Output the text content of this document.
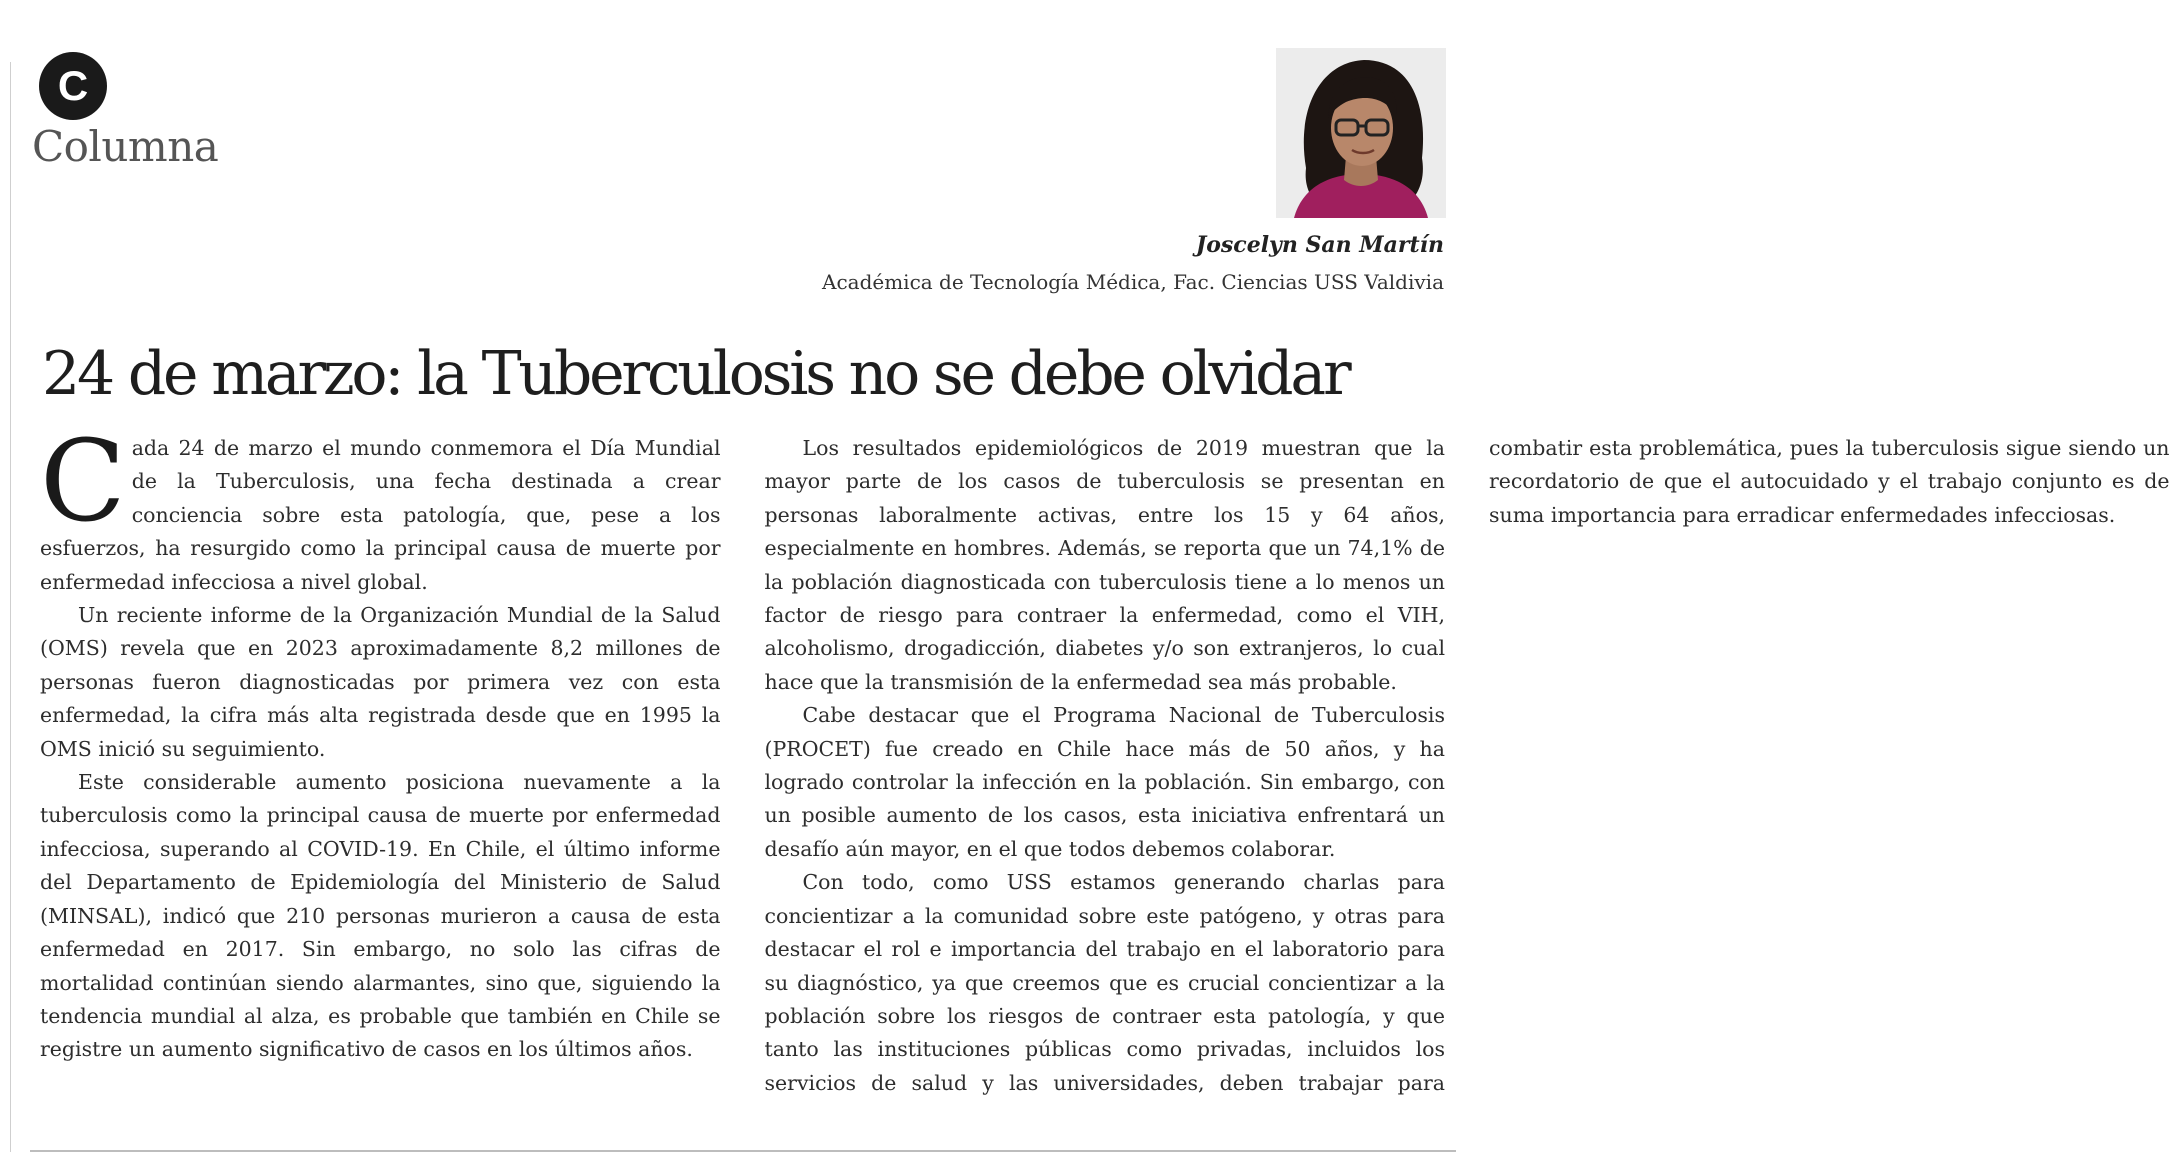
C
Columna
Joscelyn San Martín
Académica de Tecnología Médica, Fac. Ciencias USS Valdivia
24 de marzo: la Tuberculosis no se debe olvidar

Cada 24 de marzo el mundo conmemora el Día Mundial de la Tuberculosis, una fecha destinada a crear conciencia sobre esta patología, que, pese a los esfuerzos, ha resurgido como la principal causa de muerte por enfermedad infecciosa a nivel global.

Un reciente informe de la Organización Mundial de la Salud (OMS) revela que en 2023 aproximadamente 8,2 millones de personas fueron diagnosticadas por primera vez con esta enfermedad, la cifra más alta registrada desde que en 1995 la OMS inició su seguimiento.

Este considerable aumento posiciona nuevamente a la tuberculosis como la principal causa de muerte por enfermedad infecciosa, superando al COVID-19. En Chile, el último informe del Departamento de Epidemiología del Ministerio de Salud (MINSAL), indicó que 210 personas murieron a causa de esta enfermedad en 2017. Sin embargo, no solo las cifras de mortalidad continúan siendo alarmantes, sino que, siguiendo la tendencia mundial al alza, es probable que también en Chile se registre un aumento significativo de casos en los últimos años.

Los resultados epidemiológicos de 2019 muestran que la mayor parte de los casos de tuberculosis se presentan en personas laboralmente activas, entre los 15 y 64 años, especialmente en hombres. Además, se reporta que un 74,1% de la población diagnosticada con tuberculosis tiene a lo menos un factor de riesgo para contraer la enfermedad, como el VIH, alcoholismo, drogadicción, diabetes y/o son extranjeros, lo cual hace que la transmisión de la enfermedad sea más probable.

Cabe destacar que el Programa Nacional de Tuberculosis (PROCET) fue creado en Chile hace más de 50 años, y ha logrado controlar la infección en la población. Sin embargo, con un posible aumento de los casos, esta iniciativa enfrentará un desafío aún mayor, en el que todos debemos colaborar.

Con todo, como USS estamos generando charlas para concientizar a la comunidad sobre este patógeno, y otras para destacar el rol e importancia del trabajo en el laboratorio para su diagnóstico, ya que creemos que es crucial concientizar a la población sobre los riesgos de contraer esta patología, y que tanto las instituciones públicas como privadas, incluidos los servicios de salud y las universidades, deben trabajar para combatir esta problemática, pues la tuberculosis sigue siendo un recordatorio de que el autocuidado y el trabajo conjunto es de suma importancia para erradicar enfermedades infecciosas.
